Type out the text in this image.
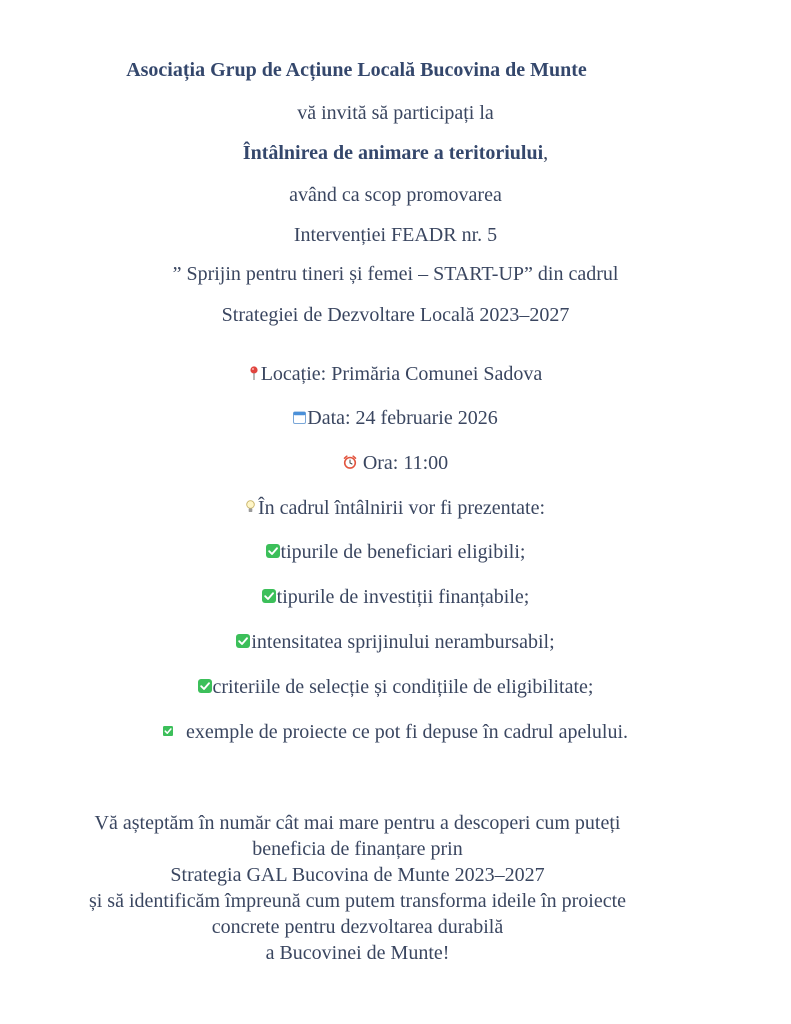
Asociația Grup de Acțiune Locală Bucovina de Munte
vă invită să participați la
Întâlnirea de animare a teritoriului,
având ca scop promovarea
Intervenției FEADR nr. 5
” Sprijin pentru tineri și femei – START-UP” din cadrul
Strategiei de Dezvoltare Locală 2023–2027
Locație: Primăria Comunei Sadova
Data: 24 februarie 2026
Ora: 11:00
În cadrul întâlnirii vor fi prezentate:
tipurile de beneficiari eligibili;
tipurile de investiții finanțabile;
intensitatea sprijinului nerambursabil;
criteriile de selecție și condițiile de eligibilitate;
exemple de proiecte ce pot fi depuse în cadrul apelului.
Vă așteptăm în număr cât mai mare pentru a descoperi cum puteți
beneficia de finanțare prin
Strategia GAL Bucovina de Munte 2023–2027
și să identificăm împreună cum putem transforma ideile în proiecte
concrete pentru dezvoltarea durabilă
a Bucovinei de Munte!
